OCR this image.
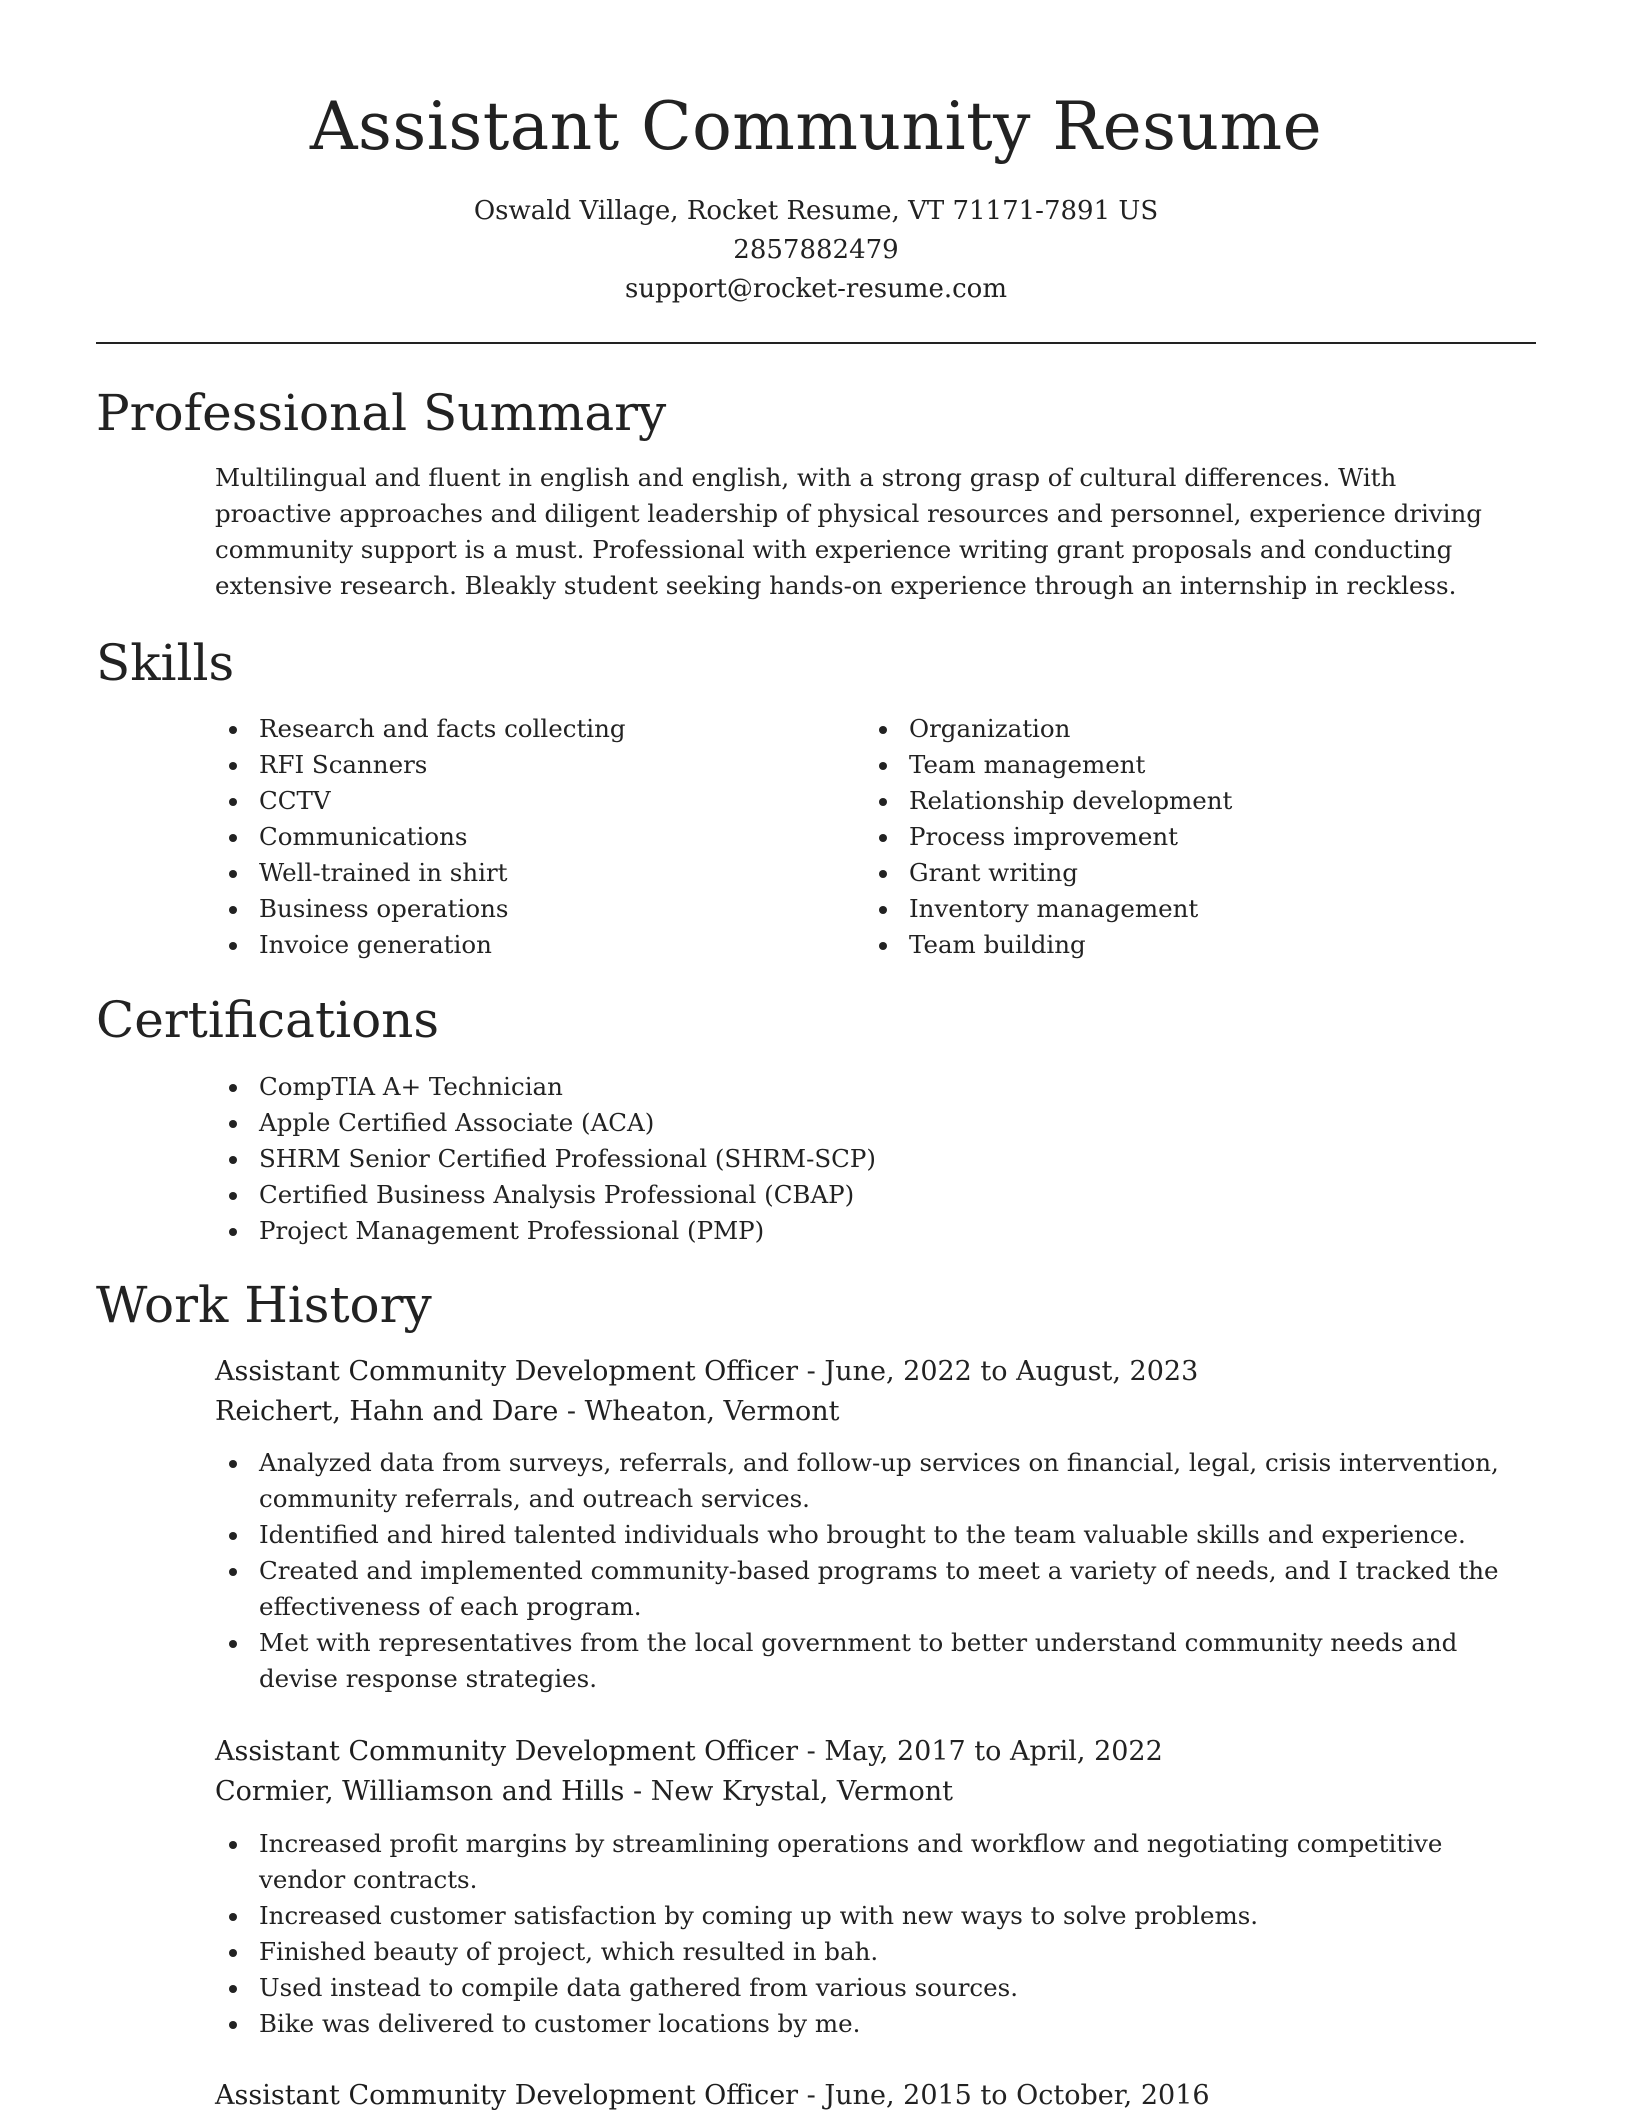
Assistant Community Resume
Oswald Village, Rocket Resume, VT 71171-7891 US
2857882479
support@rocket-resume.com
Professional Summary

Multilingual and fluent in english and english, with a strong grasp of cultural differences. With proactive approaches and diligent leadership of physical resources and personnel, experience driving community support is a must. Professional with experience writing grant proposals and conducting extensive research. Bleakly student seeking hands-on experience through an internship in reckless.

Skills
Research and facts collecting
RFI Scanners
CCTV
Communications
Well-trained in shirt
Business operations
Invoice generation
Organization
Team management
Relationship development
Process improvement
Grant writing
Inventory management
Team building
Certifications
CompTIA A+ Technician
Apple Certified Associate (ACA)
SHRM Senior Certified Professional (SHRM-SCP)
Certified Business Analysis Professional (CBAP)
Project Management Professional (PMP)
Work History
Assistant Community Development Officer - June, 2022 to August, 2023
Reichert, Hahn and Dare - Wheaton, Vermont
Analyzed data from surveys, referrals, and follow-up services on financial, legal, crisis intervention, community referrals, and outreach services.
Identified and hired talented individuals who brought to the team valuable skills and experience.
Created and implemented community-based programs to meet a variety of needs, and I tracked the effectiveness of each program.
Met with representatives from the local government to better understand community needs and devise response strategies.
Assistant Community Development Officer - May, 2017 to April, 2022
Cormier, Williamson and Hills - New Krystal, Vermont
Increased profit margins by streamlining operations and workflow and negotiating competitive vendor contracts.
Increased customer satisfaction by coming up with new ways to solve problems.
Finished beauty of project, which resulted in bah.
Used instead to compile data gathered from various sources.
Bike was delivered to customer locations by me.
Assistant Community Development Officer - June, 2015 to October, 2016
